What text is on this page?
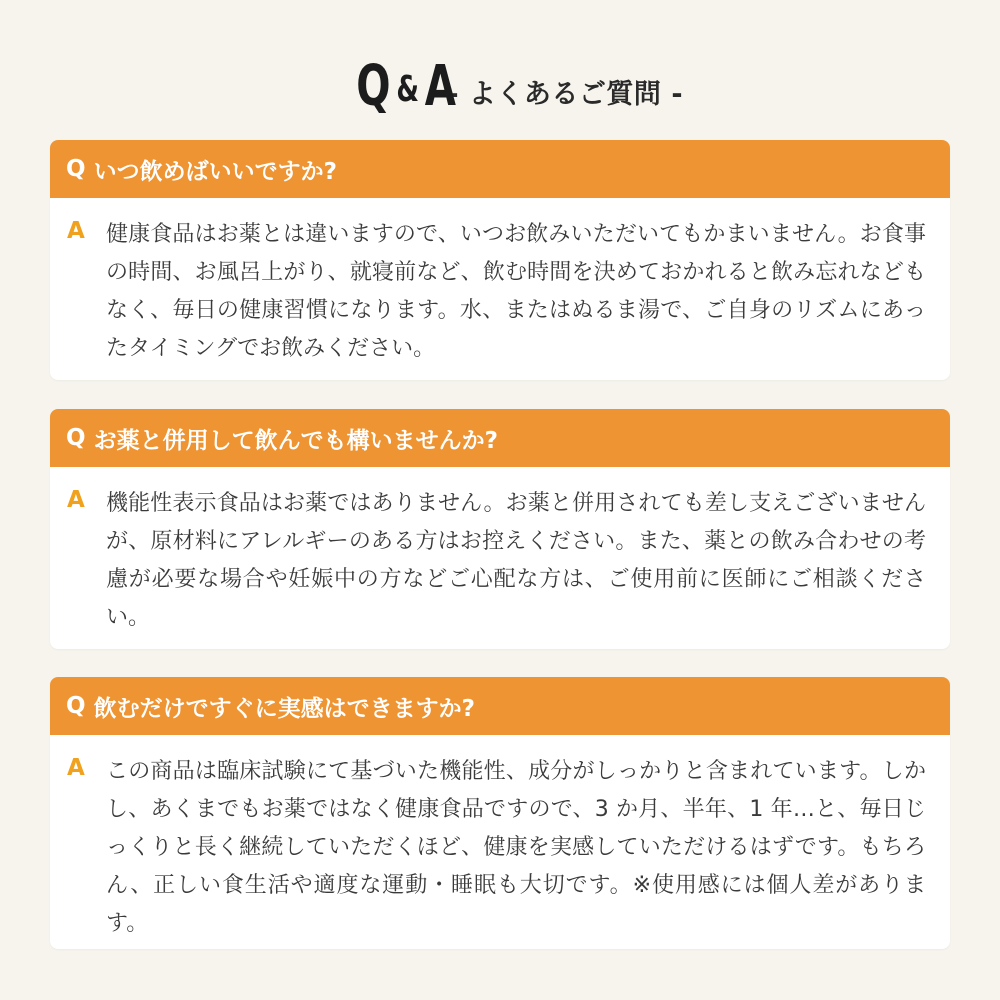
Q &A
- よくあるご質問 -
Q いつ飲めばいいですか?
A 健康食品はお薬とは違いますので、いつお飲みいただいてもかまいません。お食事の時間、お風呂上がり、就寝前など、飲む時間を決めておかれると飲み忘れなどもなく、毎日の健康習慣になります。水、またはぬるま湯で、ご自身のリズムにあったタイミングでお飲みください。
Q お薬と併用して飲んでも構いませんか?
A 機能性表示食品はお薬ではありません。お薬と併用されても差し支えございませんが、原材料にアレルギーのある方はお控えください。また、薬との飲み合わせの考慮が必要な場合や妊娠中の方などご心配な方は、ご使用前に医師にご相談ください。
Q 飲むだけですぐに実感はできますか?
A この商品は臨床試験にて基づいた機能性、成分がしっかりと含まれています。しかし、あくまでもお薬ではなく健康食品ですので、3 か月、半年、1 年…と、毎日じっくりと長く継続していただくほど、健康を実感していただけるはずです。もちろん、正しい食生活や適度な運動・睡眠も大切です。※使用感には個人差があります。
